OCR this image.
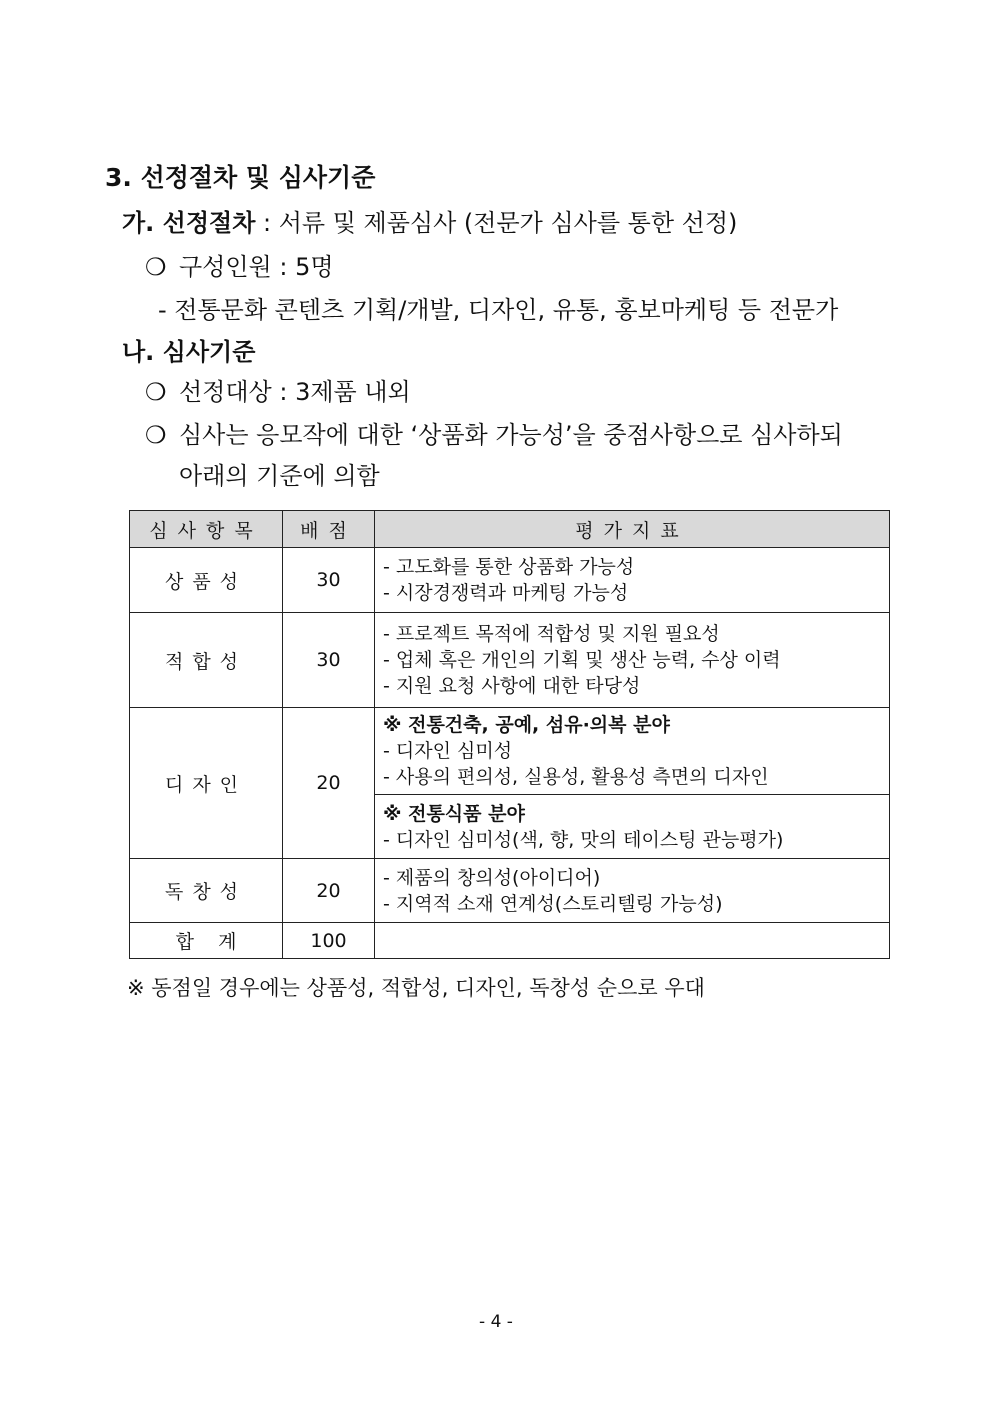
3. 선정절차 및 심사기준
가. 선정절차 : 서류 및 제품심사 (전문가 심사를 통한 선정)
❍ 구성인원 : 5명
- 전통문화 콘텐츠 기획/개발, 디자인, 유통, 홍보마케팅 등 전문가
나. 심사기준
❍ 선정대상 : 3제품 내외
❍ 심사는 응모작에 대한 ‘상품화 가능성’을 중점사항으로 심사하되
아래의 기준에 의함
심사항목	배점	평가지표
상품성	30	- 고도화를 통한 상품화 가능성
- 시장경쟁력과 마케팅 가능성

적합성	30	- 프로젝트 목적에 적합성 및 지원 필요성
- 업체 혹은 개인의 기획 및 생산 능력, 수상 이력
- 지원 요청 사항에 대한 타당성

디자인	20	※ 전통건축, 공예, 섬유·의복 분야
- 디자인 심미성
- 사용의 편의성, 실용성, 활용성 측면의 디자인

		※ 전통식품 분야
- 디자인 심미성(색, 향, 맛의 테이스팅 관능평가)

독창성	20	- 제품의 창의성(아이디어)
- 지역적 소재 연계성(스토리텔링 가능성)

합    계	100	
※ 동점일 경우에는 상품성, 적합성, 디자인, 독창성 순으로 우대
- 4 -
